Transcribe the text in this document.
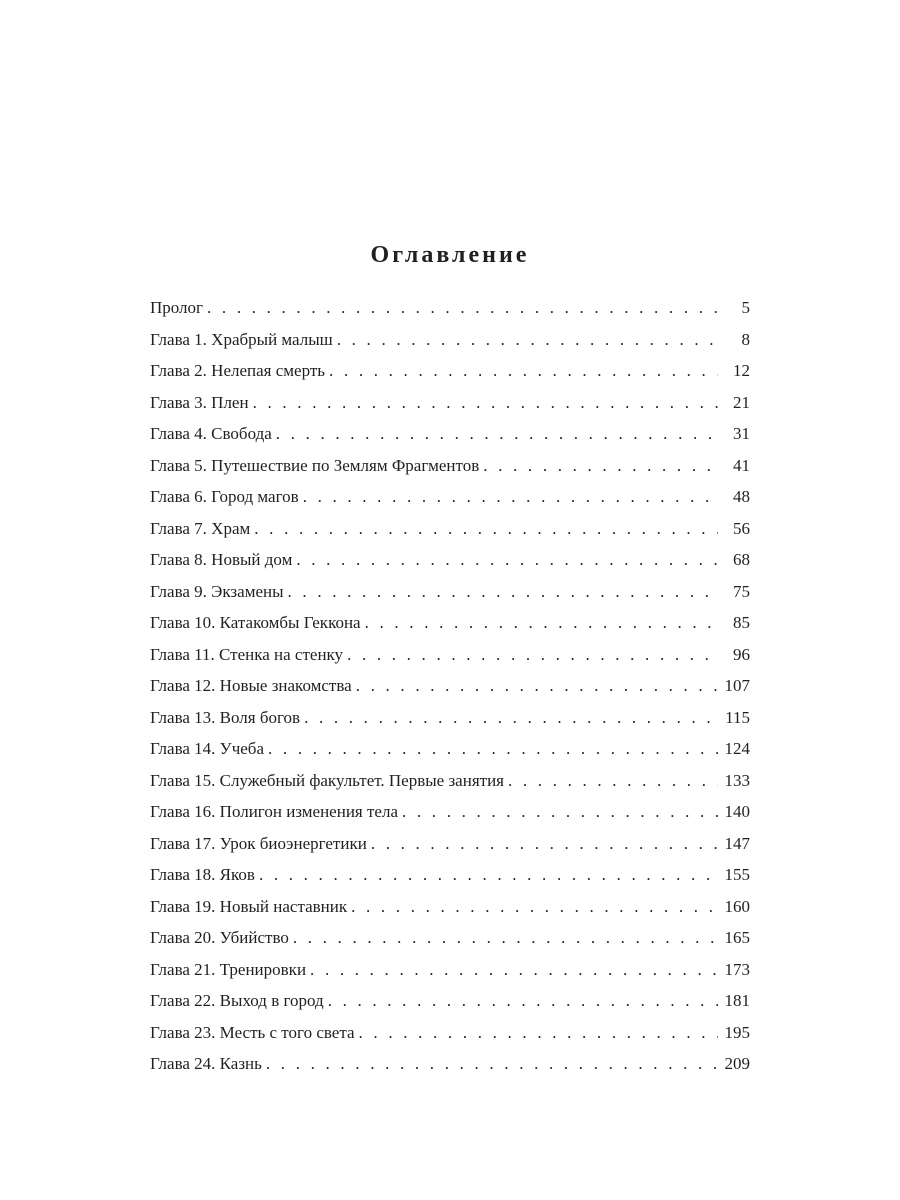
Оглавление
Пролог . . .	5
Глава 1. Храбрый малыш . . .	8
Глава 2. Нелепая смерть . . .	12
Глава 3. Плен . . .	21
Глава 4. Свобода . . .	31
Глава 5. Путешествие по Землям Фрагментов . . .	41
Глава 6. Город магов . . .	48
Глава 7. Храм . . .	56
Глава 8. Новый дом . . .	68
Глава 9. Экзамены . . .	75
Глава 10. Катакомбы Геккона . . .	85
Глава 11. Стенка на стенку . . .	96
Глава 12. Новые знакомства . . .	107
Глава 13. Воля богов . . .	115
Глава 14. Учеба . . .	124
Глава 15. Служебный факультет. Первые занятия . . .	133
Глава 16. Полигон изменения тела . . .	140
Глава 17. Урок биоэнергетики . . .	147
Глава 18. Яков . . .	155
Глава 19. Новый наставник . . .	160
Глава 20. Убийство . . .	165
Глава 21. Тренировки . . .	173
Глава 22. Выход в город . . .	181
Глава 23. Месть с того света . . .	195
Глава 24. Казнь . . .	209
